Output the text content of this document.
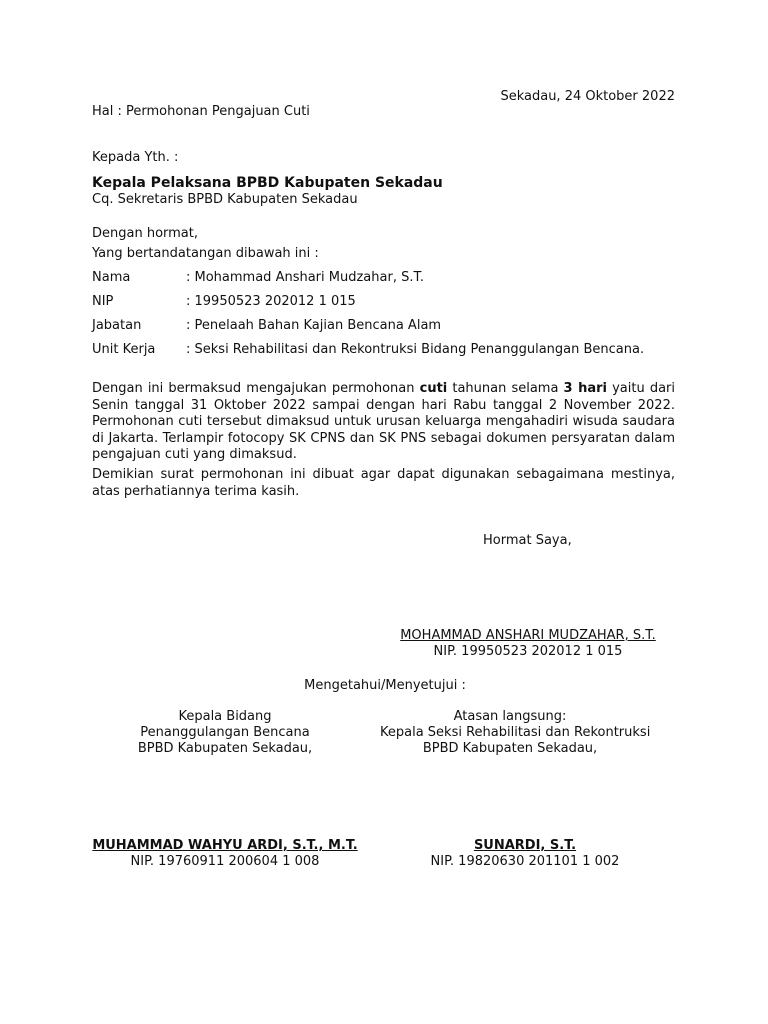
Sekadau, 24 Oktober 2022
Hal : Permohonan Pengajuan Cuti
Kepada Yth. :
Kepala Pelaksana BPBD Kabupaten Sekadau
Cq. Sekretaris BPBD Kabupaten Sekadau
Dengan hormat,
Yang bertandatangan dibawah ini :
Nama	: Mohammad Anshari Mudzahar, S.T.
NIP	: 19950523 202012 1 015
Jabatan	: Penelaah Bahan Kajian Bencana Alam
Unit Kerja : Seksi Rehabilitasi dan Rekontruksi Bidang Penanggulangan Bencana.
Dengan ini bermaksud mengajukan permohonan cuti tahunan selama 3 hari yaitu dari Senin tanggal 31 Oktober 2022 sampai dengan hari Rabu tanggal 2 November 2022. Permohonan cuti tersebut dimaksud untuk urusan keluarga mengahadiri wisuda saudara di Jakarta. Terlampir fotocopy SK CPNS dan SK PNS sebagai dokumen persyaratan dalam pengajuan cuti yang dimaksud.
Demikian surat permohonan ini dibuat agar dapat digunakan sebagaimana mestinya, atas perhatiannya terima kasih.
Hormat Saya,
MOHAMMAD ANSHARI MUDZAHAR, S.T.
NIP. 19950523 202012 1 015
Mengetahui/Menyetujui :
Kepala Bidang
Penanggulangan Bencana
BPBD Kabupaten Sekadau,
Atasan langsung:
Kepala Seksi Rehabilitasi dan Rekontruksi
BPBD Kabupaten Sekadau,
MUHAMMAD WAHYU ARDI, S.T., M.T.
NIP. 19760911 200604 1 008
SUNARDI, S.T.
NIP. 19820630 201101 1 002
